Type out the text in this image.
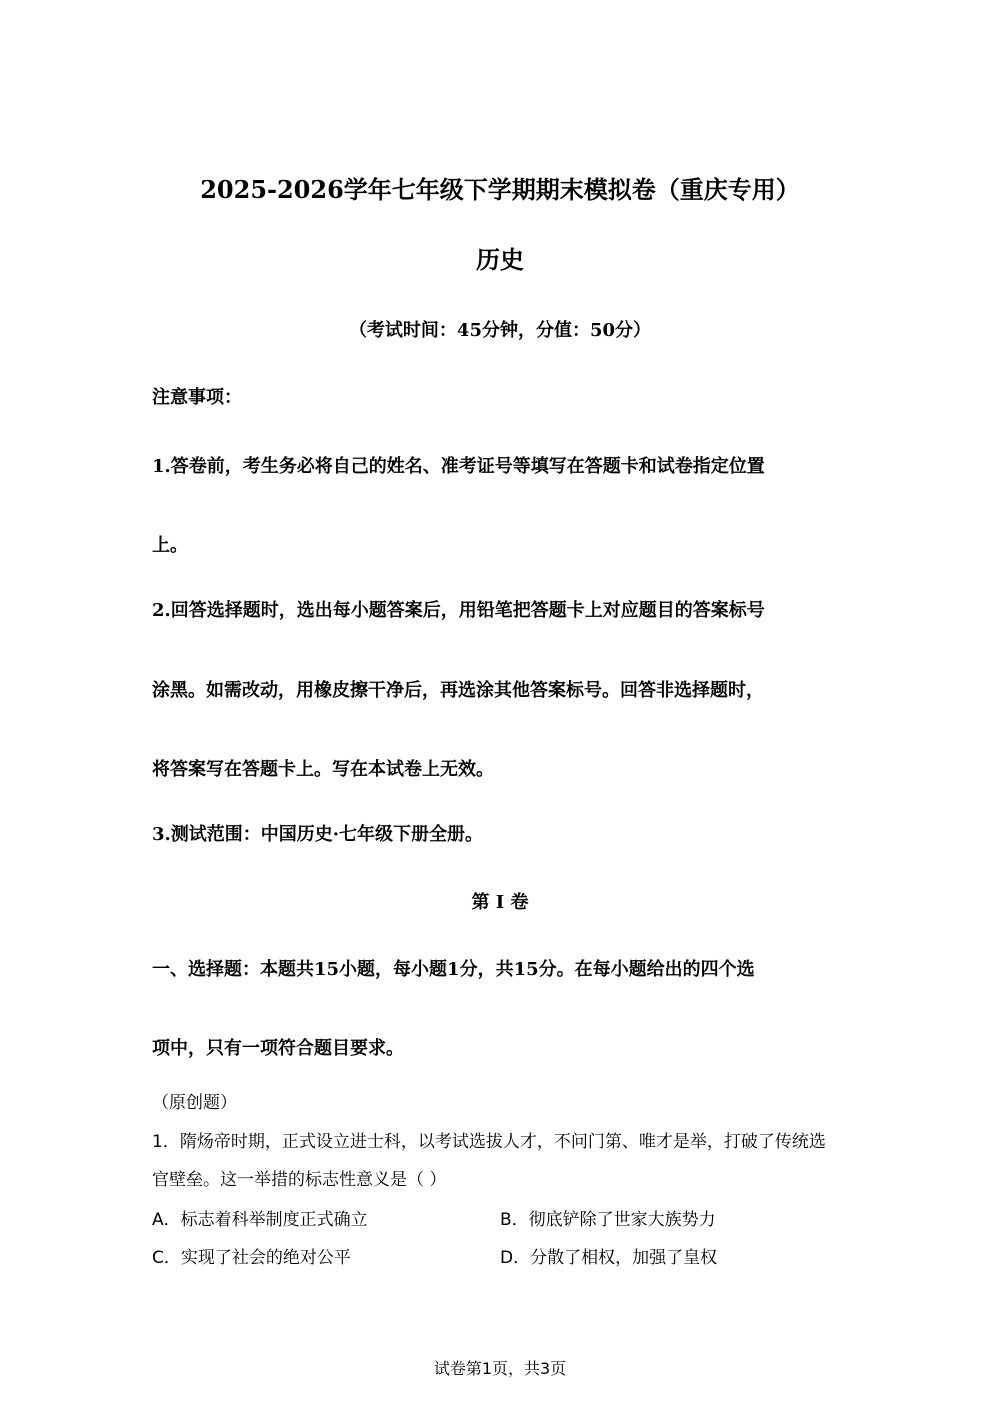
2025-2026学年七年级下学期期末模拟卷（重庆专用）
历史
（考试时间：45分钟，分值：50分）
注意事项：
1.答卷前，考生务必将自己的姓名、准考证号等填写在答题卡和试卷指定位置
上。
2.回答选择题时，选出每小题答案后，用铅笔把答题卡上对应题目的答案标号
涂黑。如需改动，用橡皮擦干净后，再选涂其他答案标号。回答非选择题时，
将答案写在答题卡上。写在本试卷上无效。
3.测试范围：中国历史·七年级下册全册。
第 I 卷
一、选择题：本题共15小题，每小题1分，共15分。在每小题给出的四个选
项中，只有一项符合题目要求。
（原创题）
1．隋炀帝时期，正式设立进士科，以考试选拔人才，不问门第、唯才是举，打破了传统选
官壁垒。这一举措的标志性意义是（ ）
A．标志着科举制度正式确立	B．彻底铲除了世家大族势力
C．实现了社会的绝对公平	D．分散了相权，加强了皇权
试卷第1页，共3页
